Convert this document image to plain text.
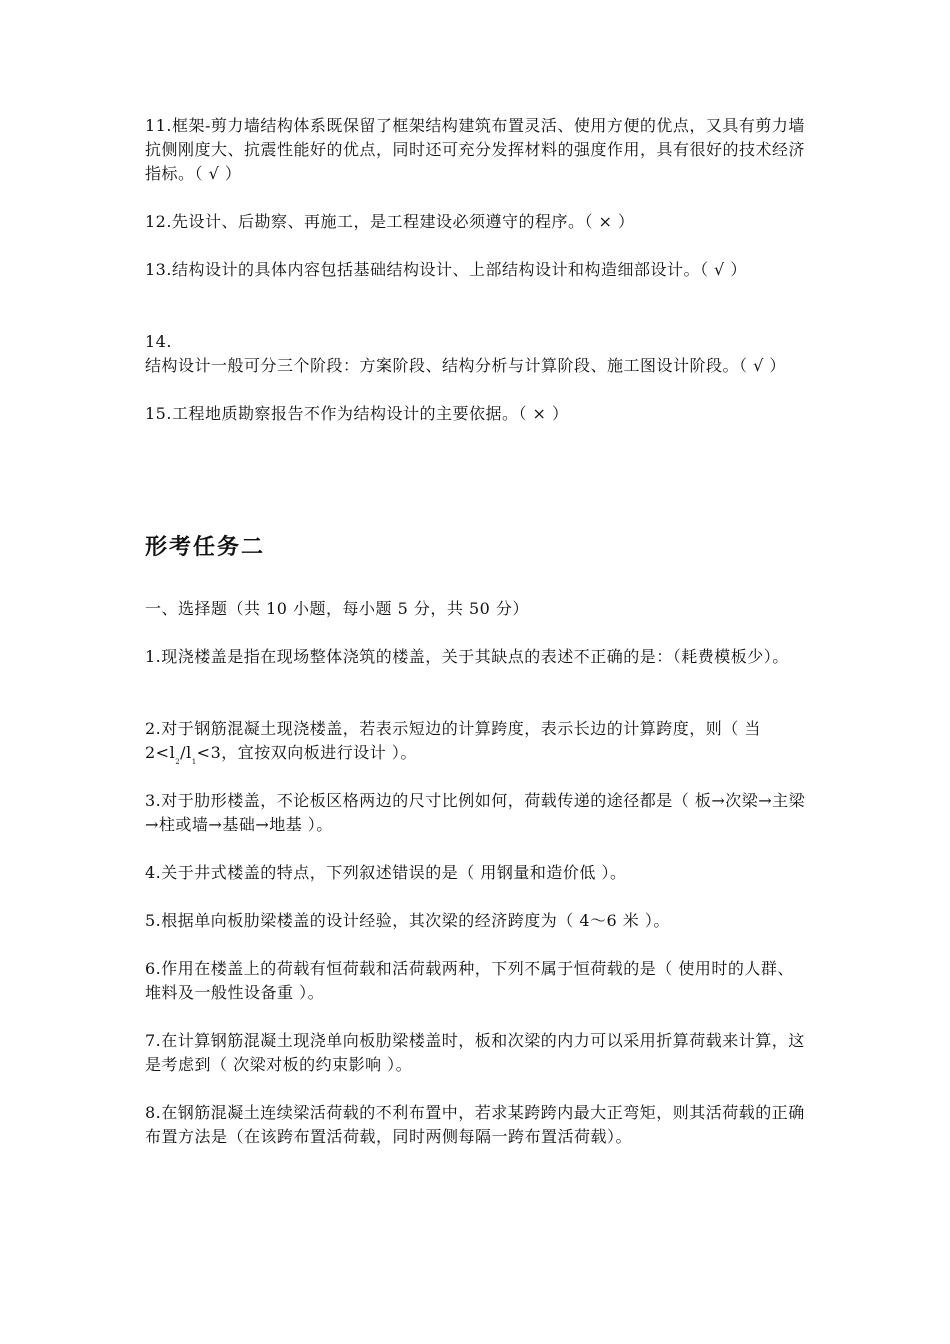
11.框架-剪力墙结构体系既保留了框架结构建筑布置灵活、使用方便的优点，又具有剪力墙抗侧刚度大、抗震性能好的优点，同时还可充分发挥材料的强度作用，具有很好的技术经济指标。（ √ ）

12.先设计、后勘察、再施工，是工程建设必须遵守的程序。（ × ）

13.结构设计的具体内容包括基础结构设计、上部结构设计和构造细部设计。（ √ ）

14.结构设计一般可分三个阶段：方案阶段、结构分析与计算阶段、施工图设计阶段。（ √ ）

15.工程地质勘察报告不作为结构设计的主要依据。（ × ）

形考任务二

一、选择题（共 10 小题，每小题 5 分，共 50 分）

1.现浇楼盖是指在现场整体浇筑的楼盖，关于其缺点的表述不正确的是：（耗费模板少）。

2.对于钢筋混凝土现浇楼盖，若表示短边的计算跨度，表示长边的计算跨度，则（ 当 $2<l_2/l_1<3$，宜按双向板进行设计 ）。

3.对于肋形楼盖，不论板区格两边的尺寸比例如何，荷载传递的途径都是（ 板→次梁→主梁→柱或墙→基础→地基 ）。

4.关于井式楼盖的特点，下列叙述错误的是（ 用钢量和造价低 ）。

5.根据单向板肋梁楼盖的设计经验，其次梁的经济跨度为（ 4～6 米 ）。

6.作用在楼盖上的荷载有恒荷载和活荷载两种，下列不属于恒荷载的是（ 使用时的人群、堆料及一般性设备重 ）。

7.在计算钢筋混凝土现浇单向板肋梁楼盖时，板和次梁的内力可以采用折算荷载来计算，这是考虑到（ 次梁对板的约束影响 ）。

8.在钢筋混凝土连续梁活荷载的不利布置中，若求某跨跨内最大正弯矩，则其活荷载的正确布置方法是（在该跨布置活荷载，同时两侧每隔一跨布置活荷载）。
